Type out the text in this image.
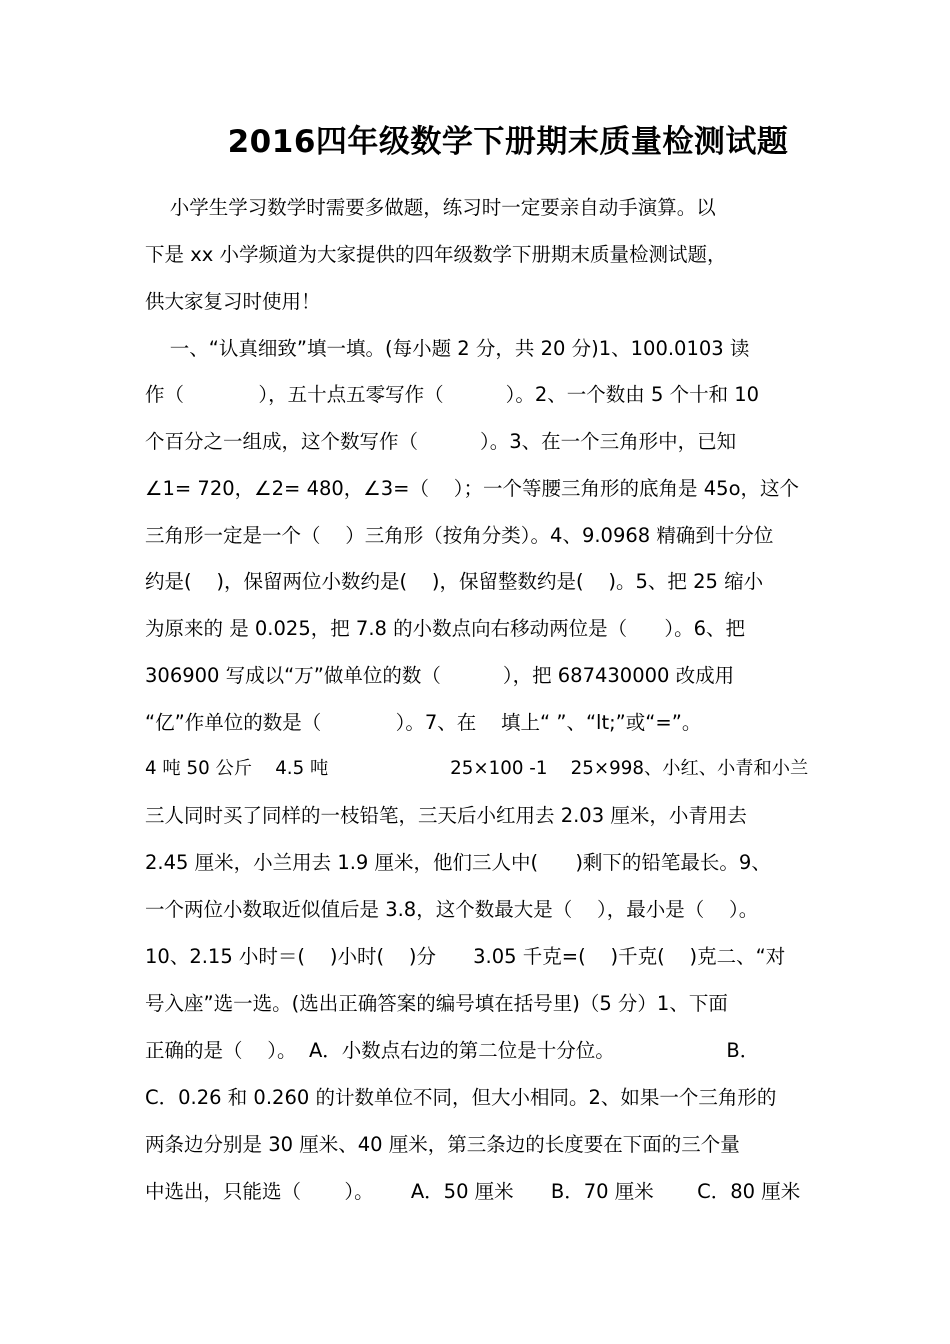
2016四年级数学下册期末质量检测试题
小学生学习数学时需要多做题，练习时一定要亲自动手演算。以
下是 xx 小学频道为大家提供的四年级数学下册期末质量检测试题，
供大家复习时使用！
一、“认真细致”填一填。(每小题 2 分，共 20 分)1、100.0103 读
作（            ），五十点五零写作（          ）。2、一个数由 5 个十和 10
个百分之一组成，这个数写作（          ）。3、在一个三角形中，已知
∠1= 720，∠2= 480，∠3=（    ）；一个等腰三角形的底角是 45o，这个
三角形一定是一个（    ）三角形（按角分类）。4、9.0968 精确到十分位
约是(    )，保留两位小数约是(    )，保留整数约是(    )。5、把 25 缩小
为原来的 是 0.025，把 7.8 的小数点向右移动两位是（      ）。6、把
306900 写成以“万”做单位的数（          ），把 687430000 改成用
“亿”作单位的数是（            ）。7、在    填上“ ”、“lt;”或“=”。
4 吨 50 公斤    4.5 吨                     25×100 -1    25×998、小红、小青和小兰
三人同时买了同样的一枝铅笔，三天后小红用去 2.03 厘米，小青用去
2.45 厘米，小兰用去 1.9 厘米，他们三人中(      )剩下的铅笔最长。9、
一个两位小数取近似值后是 3.8，这个数最大是（    ），最小是（    ）。
10、2.15 小时＝(    )小时(    )分      3.05 千克=(    )千克(    )克二、“对
号入座”选一选。(选出正确答案的编号填在括号里)（5 分）1、下面
正确的是（    ）。  A．小数点右边的第二位是十分位。                  B．
C．0.26 和 0.260 的计数单位不同，但大小相同。2、如果一个三角形的
两条边分别是 30 厘米、40 厘米，第三条边的长度要在下面的三个量
中选出，只能选（       ）。      A．50 厘米      B．70 厘米       C．80 厘米
